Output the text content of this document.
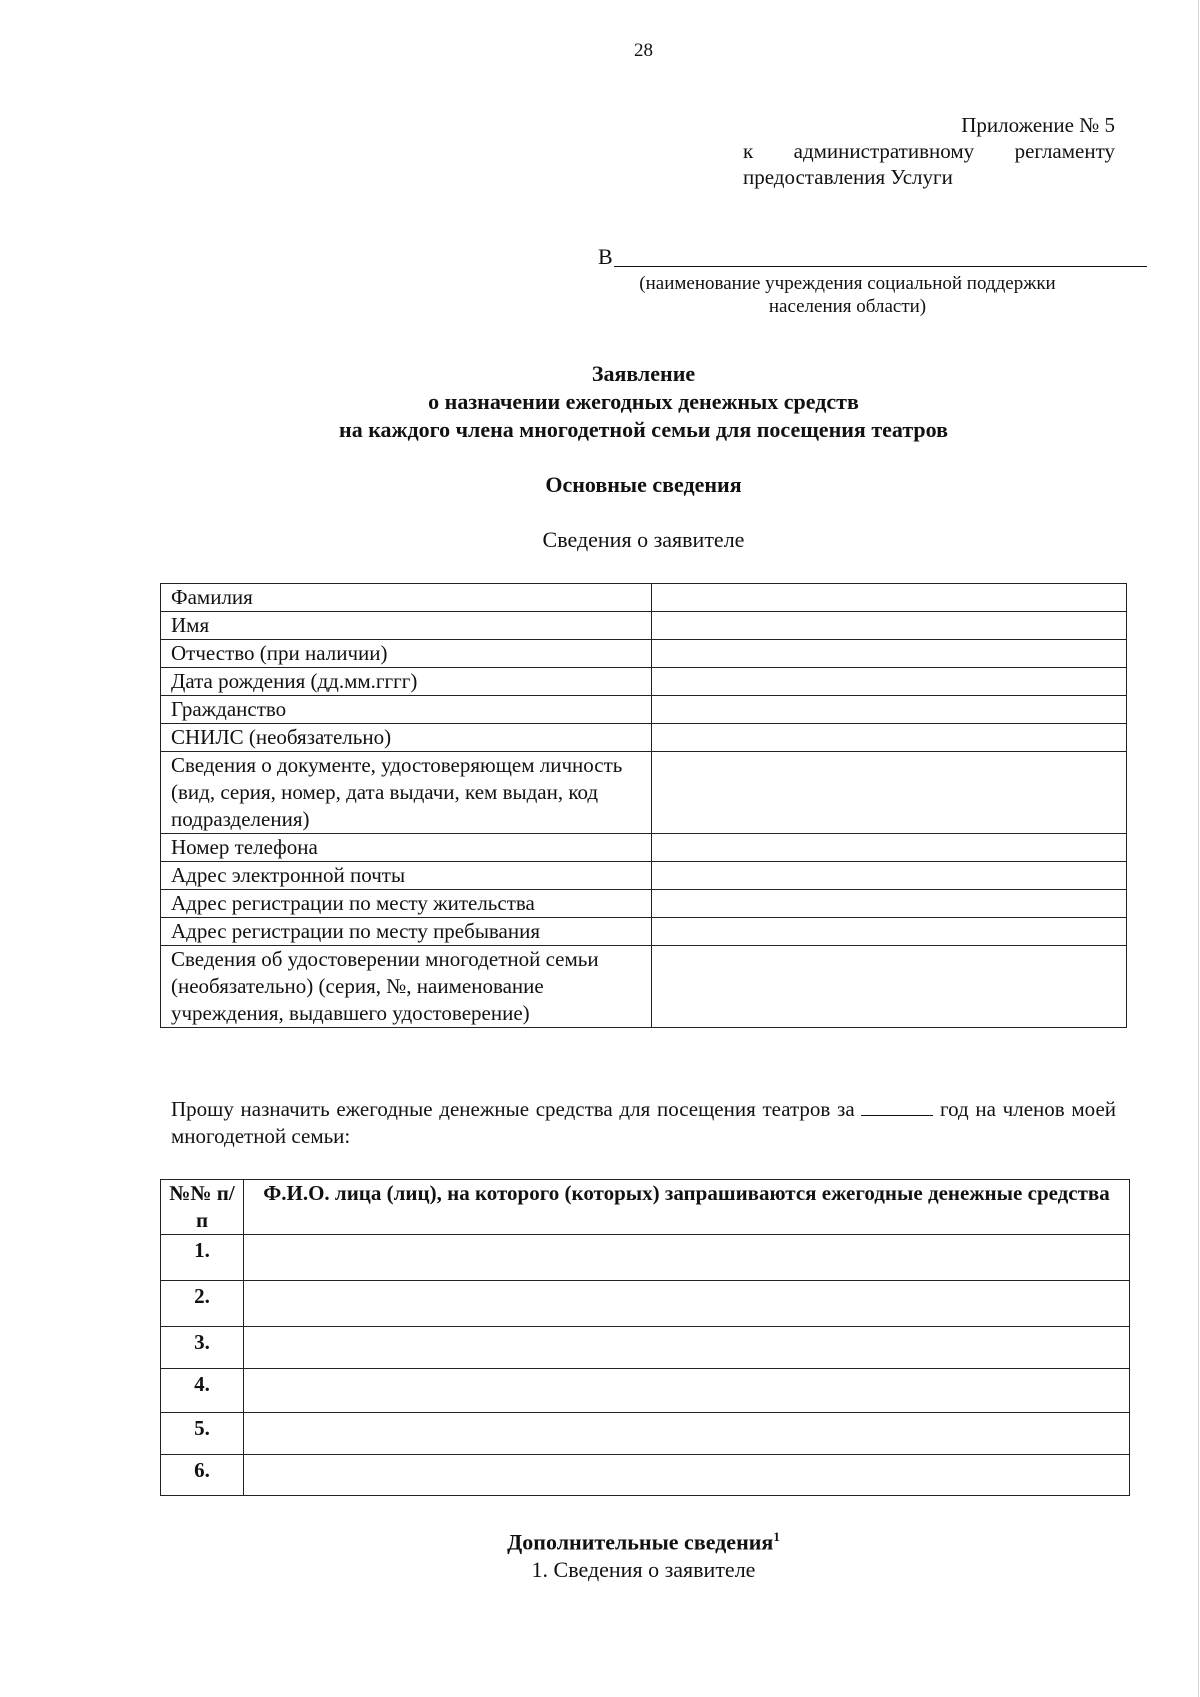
28
Приложение № 5
к административному регламенту
предоставления Услуги
В
(наименование учреждения социальной поддержки
населения области)
Заявление
о назначении ежегодных денежных средств
на каждого члена многодетной семьи для посещения театров
Основные сведения
Сведения о заявителе
Фамилия	
Имя	
Отчество (при наличии)	
Дата рождения (дд.мм.гггг)	
Гражданство	
СНИЛС (необязательно)	
Сведения о документе, удостоверяющем личность (вид, серия, номер, дата выдачи, кем выдан, код подразделения)	
Номер телефона	
Адрес электронной почты	
Адрес регистрации по месту жительства	
Адрес регистрации по месту пребывания	
Сведения об удостоверении многодетной семьи (необязательно) (серия, №, наименование учреждения, выдавшего удостоверение)	
Прошу назначить ежегодные денежные средства для посещения театров за	год на членов моей многодетной семьи:
№№ п/ п	Ф.И.О. лица (лиц), на которого (которых) запрашиваются ежегодные денежные средства
1.	
2.	
3.	
4.	
5.	
6.	
Дополнительные сведения$^1$
1. Сведения о заявителе
